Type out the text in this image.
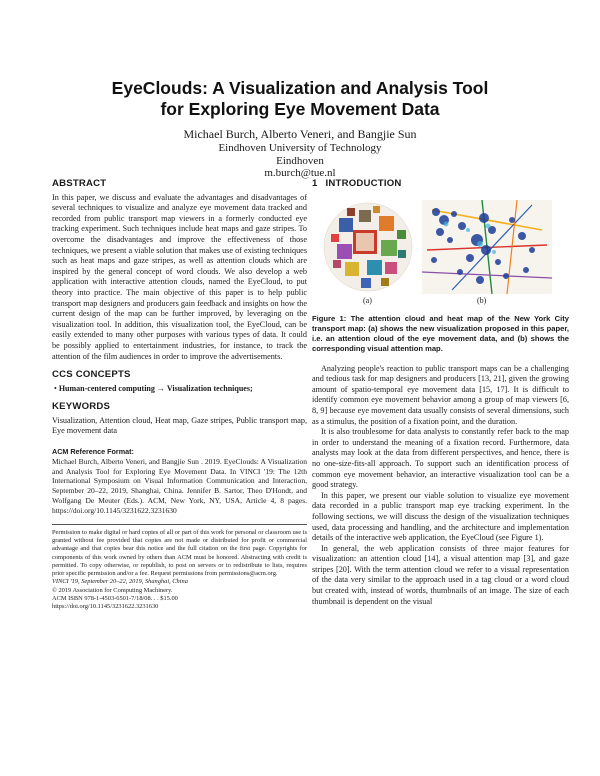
EyeClouds: A Visualization and Analysis Tool
for Exploring Eye Movement Data
Michael Burch, Alberto Veneri, and Bangjie Sun
Eindhoven University of Technology
Eindhoven
m.burch@tue.nl
ABSTRACT

In this paper, we discuss and evaluate the advantages and disadvantages of several techniques to visualize and analyze eye movement data tracked and recorded from public transport map viewers in a formerly conducted eye tracking experiment. Such techniques include heat maps and gaze stripes. To overcome the disadvantages and improve the effectiveness of those techniques, we present a viable solution that makes use of existing techniques such as heat maps and gaze stripes, as well as attention clouds which are inspired by the general concept of word clouds. We also develop a web application with interactive attention clouds, named the EyeCloud, to put theory into practice. The main objective of this paper is to help public transport map designers and producers gain feedback and insights on how the current design of the map can be further improved, by leveraging on the visualization tool. In addition, this visualization tool, the EyeCloud, can be easily extended to many other purposes with various types of data. It could be possibly applied to entertainment industries, for instance, to track the attention of the film audiences in order to improve the advertisements.

CCS CONCEPTS
• Human-centered computing → Visualization techniques;
KEYWORDS

Visualization, Attention cloud, Heat map, Gaze stripes, Public transport map, Eye movement data

ACM Reference Format:

Michael Burch, Alberto Veneri, and Bangjie Sun . 2019. EyeClouds: A Visualization and Analysis Tool for Exploring Eye Movement Data. In VINCI '19: The 12th International Symposium on Visual Information Communication and Interaction, September 20–22, 2019, Shanghai, China. Jennifer B. Sartor, Theo D'Hondt, and Wolfgang De Meuter (Eds.). ACM, New York, NY, USA, Article 4, 8 pages. https://doi.org/10.1145/3231622.3231630

Permission to make digital or hard copies of all or part of this work for personal or classroom use is granted without fee provided that copies are not made or distributed for profit or commercial advantage and that copies bear this notice and the full citation on the first page. Copyrights for components of this work owned by others than ACM must be honored. Abstracting with credit is permitted. To copy otherwise, or republish, to post on servers or to redistribute to lists, requires prior specific permission and/or a fee. Request permissions from permissions@acm.org.

VINCI '19, September 20–22, 2019, Shanghai, China
© 2019 Association for Computing Machinery.
ACM ISBN 978-1-4503-6501-7/18/08. . . $15.00
https://doi.org/10.1145/3231622.3231630
1 INTRODUCTION
(a)	(b)
Figure 1: The attention cloud and heat map of the New York City transport map: (a) shows the new visualization proposed in this paper, i.e. an attention cloud of the eye movement data, and (b) shows the corresponding visual attention map.

Analyzing people's reaction to public transport maps can be a challenging and tedious task for map designers and producers [13, 21], given the growing amount of spatio-temporal eye movement data [15, 17]. It is difficult to identify common eye movement behavior among a group of map viewers [6, 8, 9] because eye movement data usually consists of several dimensions, such as a stimulus, the position of a fixation point, and the duration.

It is also troublesome for data analysts to constantly refer back to the map in order to understand the meaning of a fixation record. Furthermore, data analysts may look at the data from different perspectives, and hence, there is no one-size-fits-all approach. To support such an identification process of common eye movement behavior, an interactive visualization tool can be a good strategy.

In this paper, we present our viable solution to visualize eye movement data recorded in a public transport map eye tracking experiment. In the following sections, we will discuss the design of the visualization techniques used, data processing and handling, and the architecture and implementation details of the interactive web application, the EyeCloud (see Figure 1).

In general, the web application consists of three major features for visualization: an attention cloud [14], a visual attention map [3], and gaze stripes [20]. With the term attention cloud we refer to a visual representation of the data very similar to the approach used in a tag cloud or a word cloud but created with, instead of words, thumbnails of an image. The size of each thumbnail is dependent on the visual
